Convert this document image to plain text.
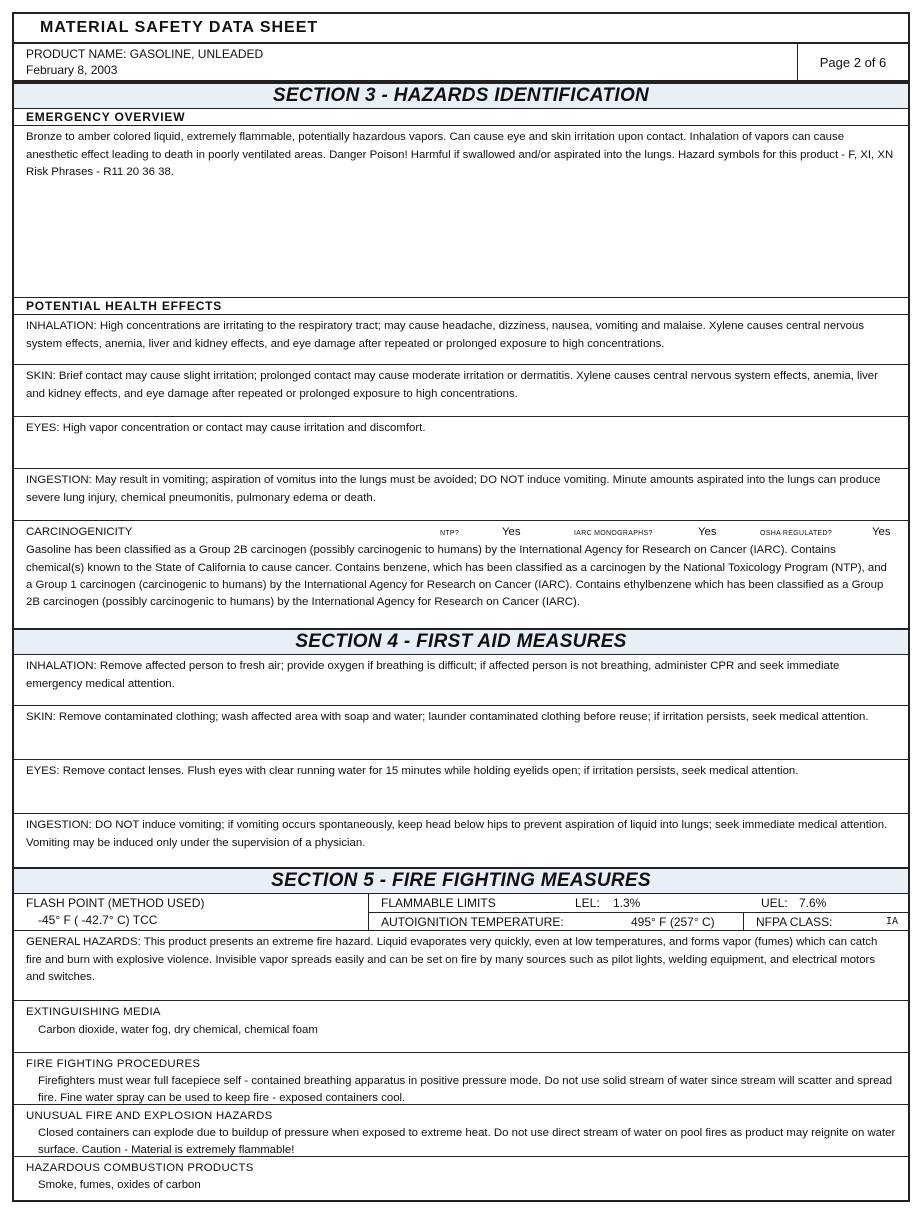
MATERIAL SAFETY DATA SHEET
PRODUCT NAME: GASOLINE, UNLEADED
February 8, 2003
Page 2 of 6
SECTION 3 - HAZARDS IDENTIFICATION
EMERGENCY OVERVIEW
Bronze to amber colored liquid, extremely flammable, potentially hazardous vapors. Can cause eye and skin irritation upon contact. Inhalation of vapors can cause anesthetic effect leading to death in poorly ventilated areas. Danger Poison! Harmful if swallowed and/or aspirated into the lungs. Hazard symbols for this product - F, XI, XN Risk Phrases - R11 20 36 38.
POTENTIAL HEALTH EFFECTS
INHALATION: High concentrations are irritating to the respiratory tract; may cause headache, dizziness, nausea, vomiting and malaise. Xylene causes central nervous system effects, anemia, liver and kidney effects, and eye damage after repeated or prolonged exposure to high concentrations.
SKIN: Brief contact may cause slight irritation; prolonged contact may cause moderate irritation or dermatitis. Xylene causes central nervous system effects, anemia, liver and kidney effects, and eye damage after repeated or prolonged exposure to high concentrations.
EYES: High vapor concentration or contact may cause irritation and discomfort.
INGESTION: May result in vomiting; aspiration of vomitus into the lungs must be avoided; DO NOT induce vomiting. Minute amounts aspirated into the lungs can produce severe lung injury, chemical pneumonitis, pulmonary edema or death.
CARCINOGENICITY	NTP?	Yes	IARC MONOGRAPHS?	Yes	OSHA REGULATED?	Yes
Gasoline has been classified as a Group 2B carcinogen (possibly carcinogenic to humans) by the International Agency for Research on Cancer (IARC). Contains chemical(s) known to the State of California to cause cancer. Contains benzene, which has been classified as a carcinogen by the National Toxicology Program (NTP), and a Group 1 carcinogen (carcinogenic to humans) by the International Agency for Research on Cancer (IARC). Contains ethylbenzene which has been classified as a Group 2B carcinogen (possibly carcinogenic to humans) by the International Agency for Research on Cancer (IARC).
SECTION 4 - FIRST AID MEASURES
INHALATION: Remove affected person to fresh air; provide oxygen if breathing is difficult; if affected person is not breathing, administer CPR and seek immediate emergency medical attention.
SKIN: Remove contaminated clothing; wash affected area with soap and water; launder contaminated clothing before reuse; if irritation persists, seek medical attention.
EYES: Remove contact lenses. Flush eyes with clear running water for 15 minutes while holding eyelids open; if irritation persists, seek medical attention.
INGESTION: DO NOT induce vomiting; if vomiting occurs spontaneously, keep head below hips to prevent aspiration of liquid into lungs; seek immediate medical attention. Vomiting may be induced only under the supervision of a physician.
SECTION 5 - FIRE FIGHTING MEASURES
FLASH POINT (METHOD USED)
-45° F ( -42.7° C) TCC
FLAMMABLE LIMITS	LEL:	1.3%	UEL: 7.6%
AUTOIGNITION TEMPERATURE:	495° F (257° C)	NFPA CLASS:	IA
GENERAL HAZARDS: This product presents an extreme fire hazard. Liquid evaporates very quickly, even at low temperatures, and forms vapor (fumes) which can catch fire and burn with explosive violence. Invisible vapor spreads easily and can be set on fire by many sources such as pilot lights, welding equipment, and electrical motors and switches.
EXTINGUISHING MEDIA
Carbon dioxide, water fog, dry chemical, chemical foam
FIRE FIGHTING PROCEDURES
Firefighters must wear full facepiece self - contained breathing apparatus in positive pressure mode. Do not use solid stream of water since stream will scatter and spread fire. Fine water spray can be used to keep fire - exposed containers cool.
UNUSUAL FIRE AND EXPLOSION HAZARDS
Closed containers can explode due to buildup of pressure when exposed to extreme heat. Do not use direct stream of water on pool fires as product may reignite on water surface. Caution - Material is extremely flammable!
HAZARDOUS COMBUSTION PRODUCTS
Smoke, fumes, oxides of carbon
